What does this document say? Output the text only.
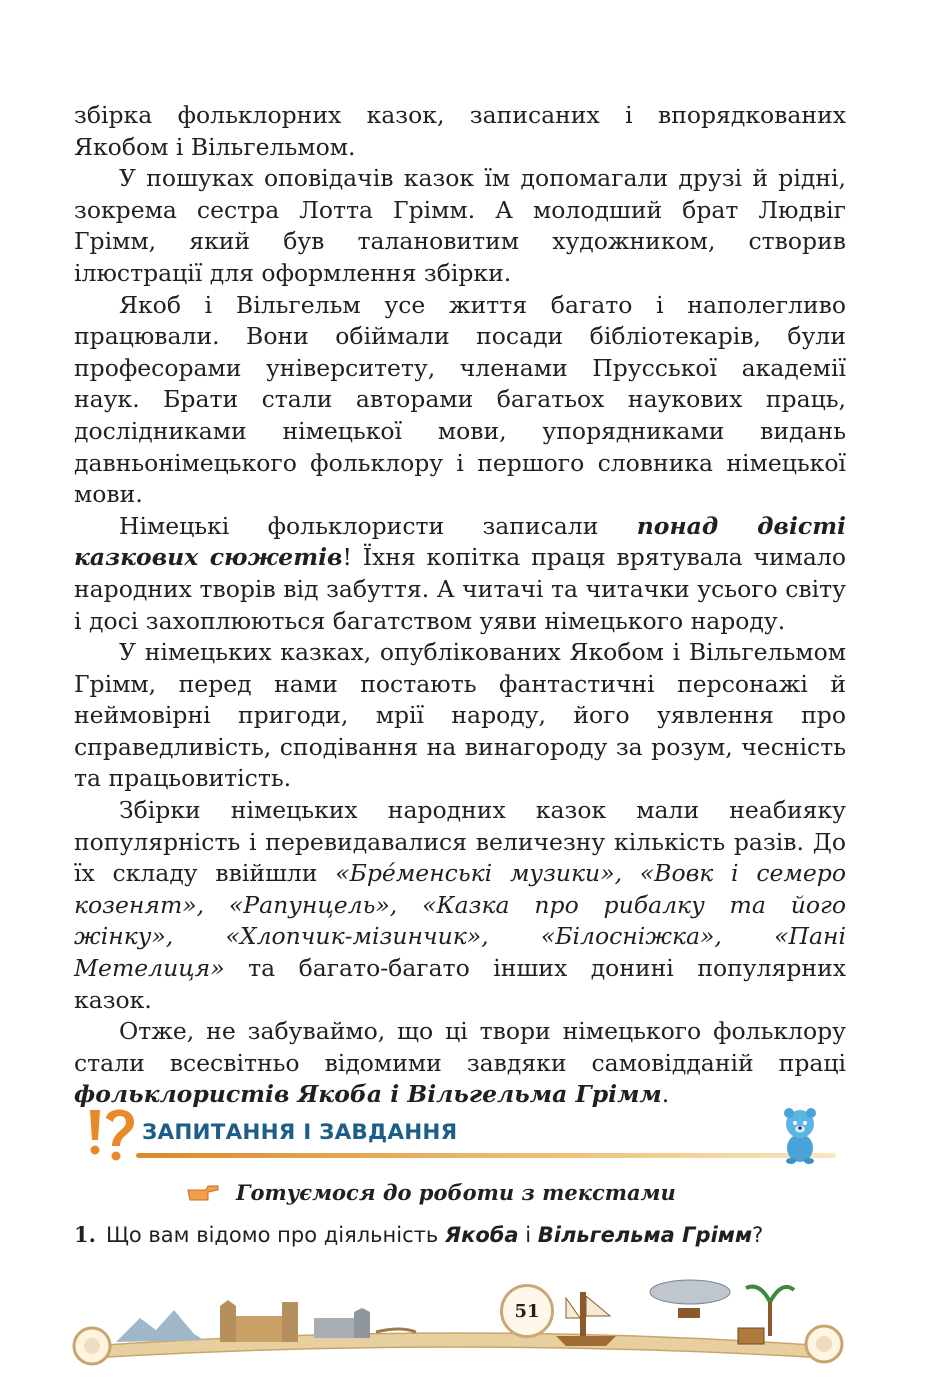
збірка фольклорних казок, записаних і впорядкованих Якобом і Вільгельмом.

У пошуках оповідачів казок їм допомагали друзі й рідні, зокрема сестра Лотта Грімм. А молодший брат Людвіг Грімм, який був талановитим художником, створив ілюстрації для оформлення збірки.

Якоб і Вільгельм усе життя багато і наполегливо працювали. Вони обіймали посади бібліотекарів, були професорами університету, членами Прусської академії наук. Брати стали авторами багатьох наукових праць, дослідниками німецької мови, упорядниками видань давньонімецького фольклору і першого словника німецької мови.

Німецькі фольклористи записали понад двісті казкових сюжетів! Їхня копітка праця врятувала чимало народних творів від забуття. А читачі та читачки усього світу і досі захоплюються багатством уяви німецького народу.

У німецьких казках, опублікованих Якобом і Вільгельмом Грімм, перед нами постають фантастичні персонажі й неймовірні пригоди, мрії народу, його уявлення про справедливість, сподівання на винагороду за розум, чесність та працьовитість.

Збірки німецьких народних казок мали неабияку популярність і перевидавалися величезну кількість разів. До їх складу ввійшли «Бре́менські музики», «Вовк і семеро козенят», «Рапунцель», «Казка про рибалку та його жінку», «Хлопчик-мізинчик», «Білосніжка», «Пані Метелиця» та багато-багато інших донині популярних казок.

Отже, не забуваймо, що ці твори німецького фольклору стали всесвітньо відомими завдяки самовідданій праці фольклористів Якоба і Вільгельма Грімм.

ЗАПИТАННЯ І ЗАВДАННЯ
Готуємося до роботи з текстами
1. Що вам відомо про діяльність Якоба і Вільгельма Грімм?
51
